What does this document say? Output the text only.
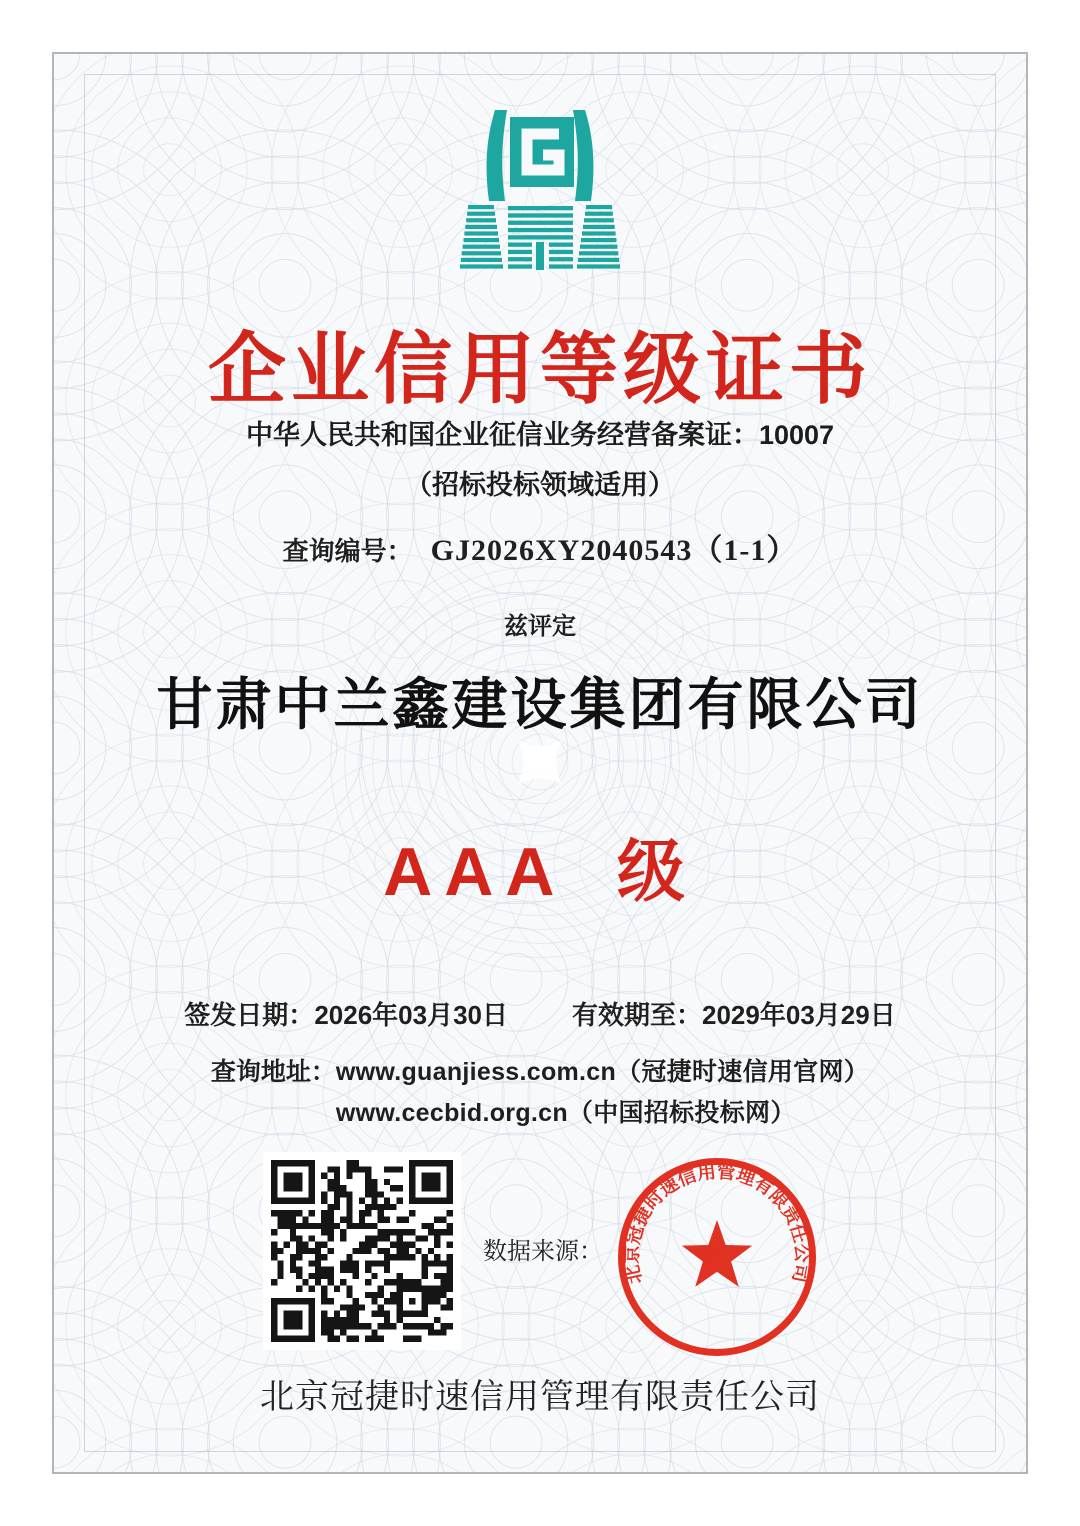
企业信用等级证书
中华人民共和国企业征信业务经营备案证：10007
（招标投标领域适用）
查询编号： GJ2026XY2040543（1-1）
兹评定
甘肃中兰鑫建设集团有限公司
AAA 级
签发日期：2026年03月30日 有效期至：2029年03月29日
查询地址： www.guanjiess.com.cn（冠捷时速信用官网）
www.cecbid.org.cn（中国招标投标网）
数据来源：
北京冠捷时速信用管理有限责任公司
北京冠捷时速信用管理有限责任公司
